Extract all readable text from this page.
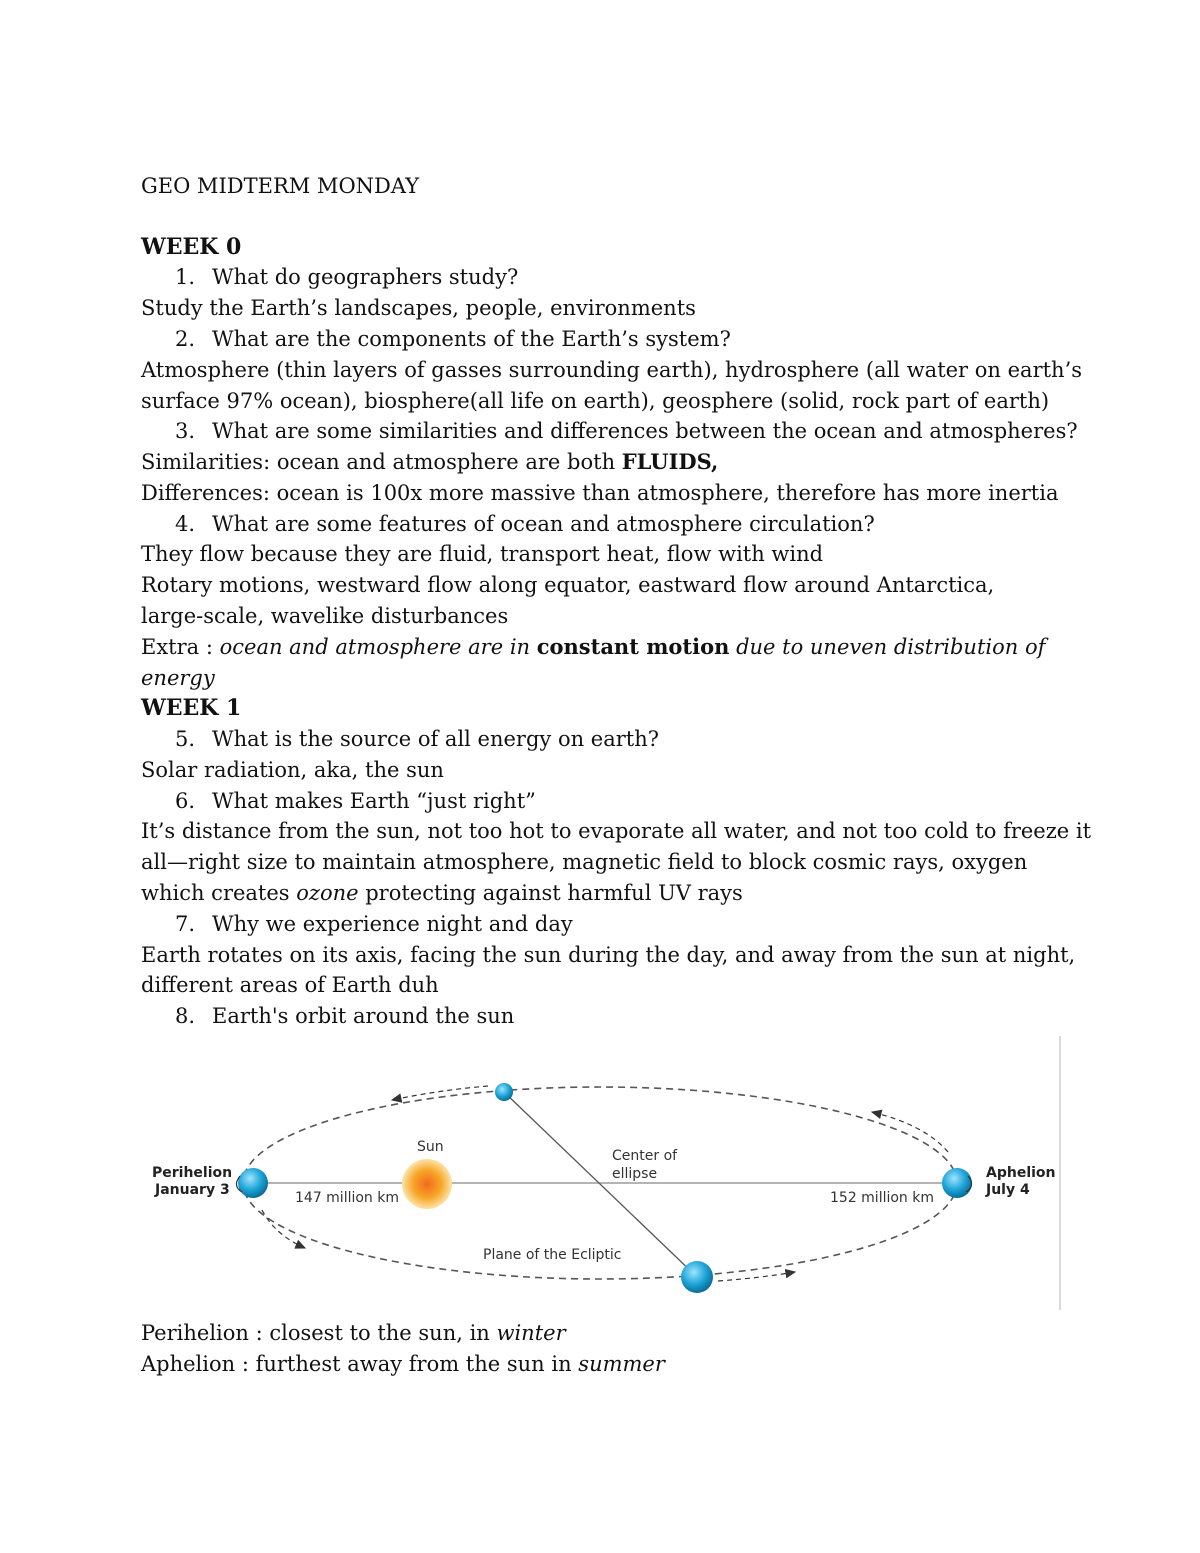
GEO MIDTERM MONDAY
WEEK 0
1. What do geographers study?
Study the Earth’s landscapes, people, environments
2. What are the components of the Earth’s system?
Atmosphere (thin layers of gasses surrounding earth), hydrosphere (all water on earth’s
surface 97% ocean), biosphere(all life on earth), geosphere (solid, rock part of earth)
3. What are some similarities and differences between the ocean and atmospheres?
Similarities: ocean and atmosphere are both FLUIDS,
Differences: ocean is 100x more massive than atmosphere, therefore has more inertia
4. What are some features of ocean and atmosphere circulation?
They flow because they are fluid, transport heat, flow with wind
Rotary motions, westward flow along equator, eastward flow around Antarctica,
large-scale, wavelike disturbances
Extra : ocean and atmosphere are in constant motion due to uneven distribution of
energy
WEEK 1
5. What is the source of all energy on earth?
Solar radiation, aka, the sun
6. What makes Earth “just right”
It’s distance from the sun, not too hot to evaporate all water, and not too cold to freeze it
all—right size to maintain atmosphere, magnetic field to block cosmic rays, oxygen
which creates ozone protecting against harmful UV rays
7. Why we experience night and day
Earth rotates on its axis, facing the sun during the day, and away from the sun at night,
different areas of Earth duh
8. Earth's orbit around the sun
Sun
Center of
ellipse
Perihelion
January 3
Aphelion
July 4
147 million km	152 million km
Plane of the Ecliptic
Perihelion : closest to the sun, in winter
Aphelion : furthest away from the sun in summer
